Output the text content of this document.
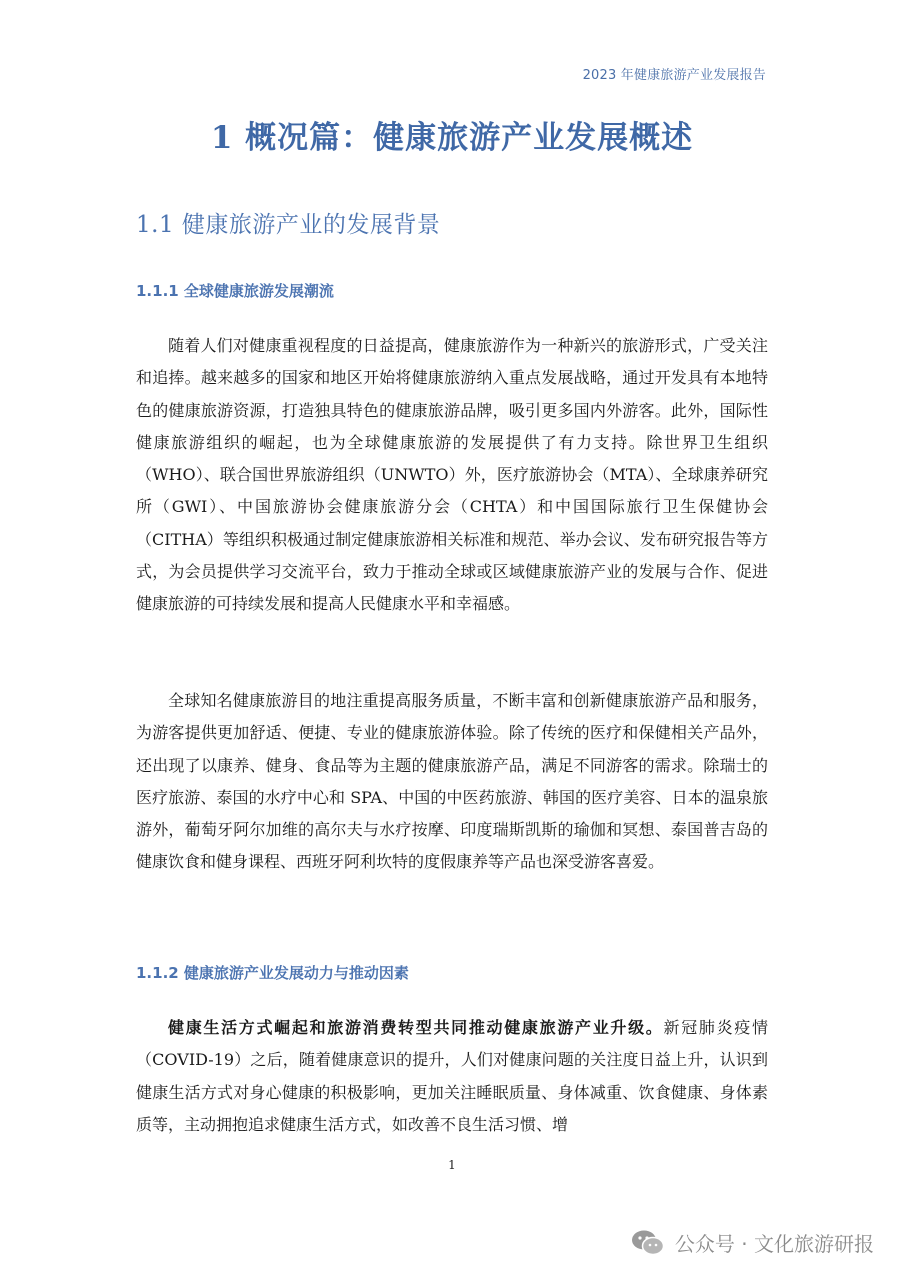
2023 年健康旅游产业发展报告
1 概况篇：健康旅游产业发展概述
1.1 健康旅游产业的发展背景
1.1.1 全球健康旅游发展潮流

随着人们对健康重视程度的日益提高，健康旅游作为一种新兴的旅游形式，广受关注和追捧。越来越多的国家和地区开始将健康旅游纳入重点发展战略，通过开发具有本地特色的健康旅游资源，打造独具特色的健康旅游品牌，吸引更多国内外游客。此外，国际性健康旅游组织的崛起，也为全球健康旅游的发展提供了有力支持。除世界卫生组织（WHO）、联合国世界旅游组织（UNWTO）外，医疗旅游协会（MTA）、全球康养研究所（GWI）、中国旅游协会健康旅游分会（CHTA）和中国国际旅行卫生保健协会（CITHA）等组织积极通过制定健康旅游相关标准和规范、举办会议、发布研究报告等方式，为会员提供学习交流平台，致力于推动全球或区域健康旅游产业的发展与合作、促进健康旅游的可持续发展和提高人民健康水平和幸福感。

全球知名健康旅游目的地注重提高服务质量，不断丰富和创新健康旅游产品和服务，为游客提供更加舒适、便捷、专业的健康旅游体验。除了传统的医疗和保健相关产品外，还出现了以康养、健身、食品等为主题的健康旅游产品，满足不同游客的需求。除瑞士的医疗旅游、泰国的水疗中心和 SPA、中国的中医药旅游、韩国的医疗美容、日本的温泉旅游外，葡萄牙阿尔加维的高尔夫与水疗按摩、印度瑞斯凯斯的瑜伽和冥想、泰国普吉岛的健康饮食和健身课程、西班牙阿利坎特的度假康养等产品也深受游客喜爱。

1.1.2 健康旅游产业发展动力与推动因素

健康生活方式崛起和旅游消费转型共同推动健康旅游产业升级。新冠肺炎疫情（COVID-19）之后，随着健康意识的提升，人们对健康问题的关注度日益上升，认识到健康生活方式对身心健康的积极影响，更加关注睡眠质量、身体减重、饮食健康、身体素质等，主动拥抱追求健康生活方式，如改善不良生活习惯、增

1
公众号 · 文化旅游研报
